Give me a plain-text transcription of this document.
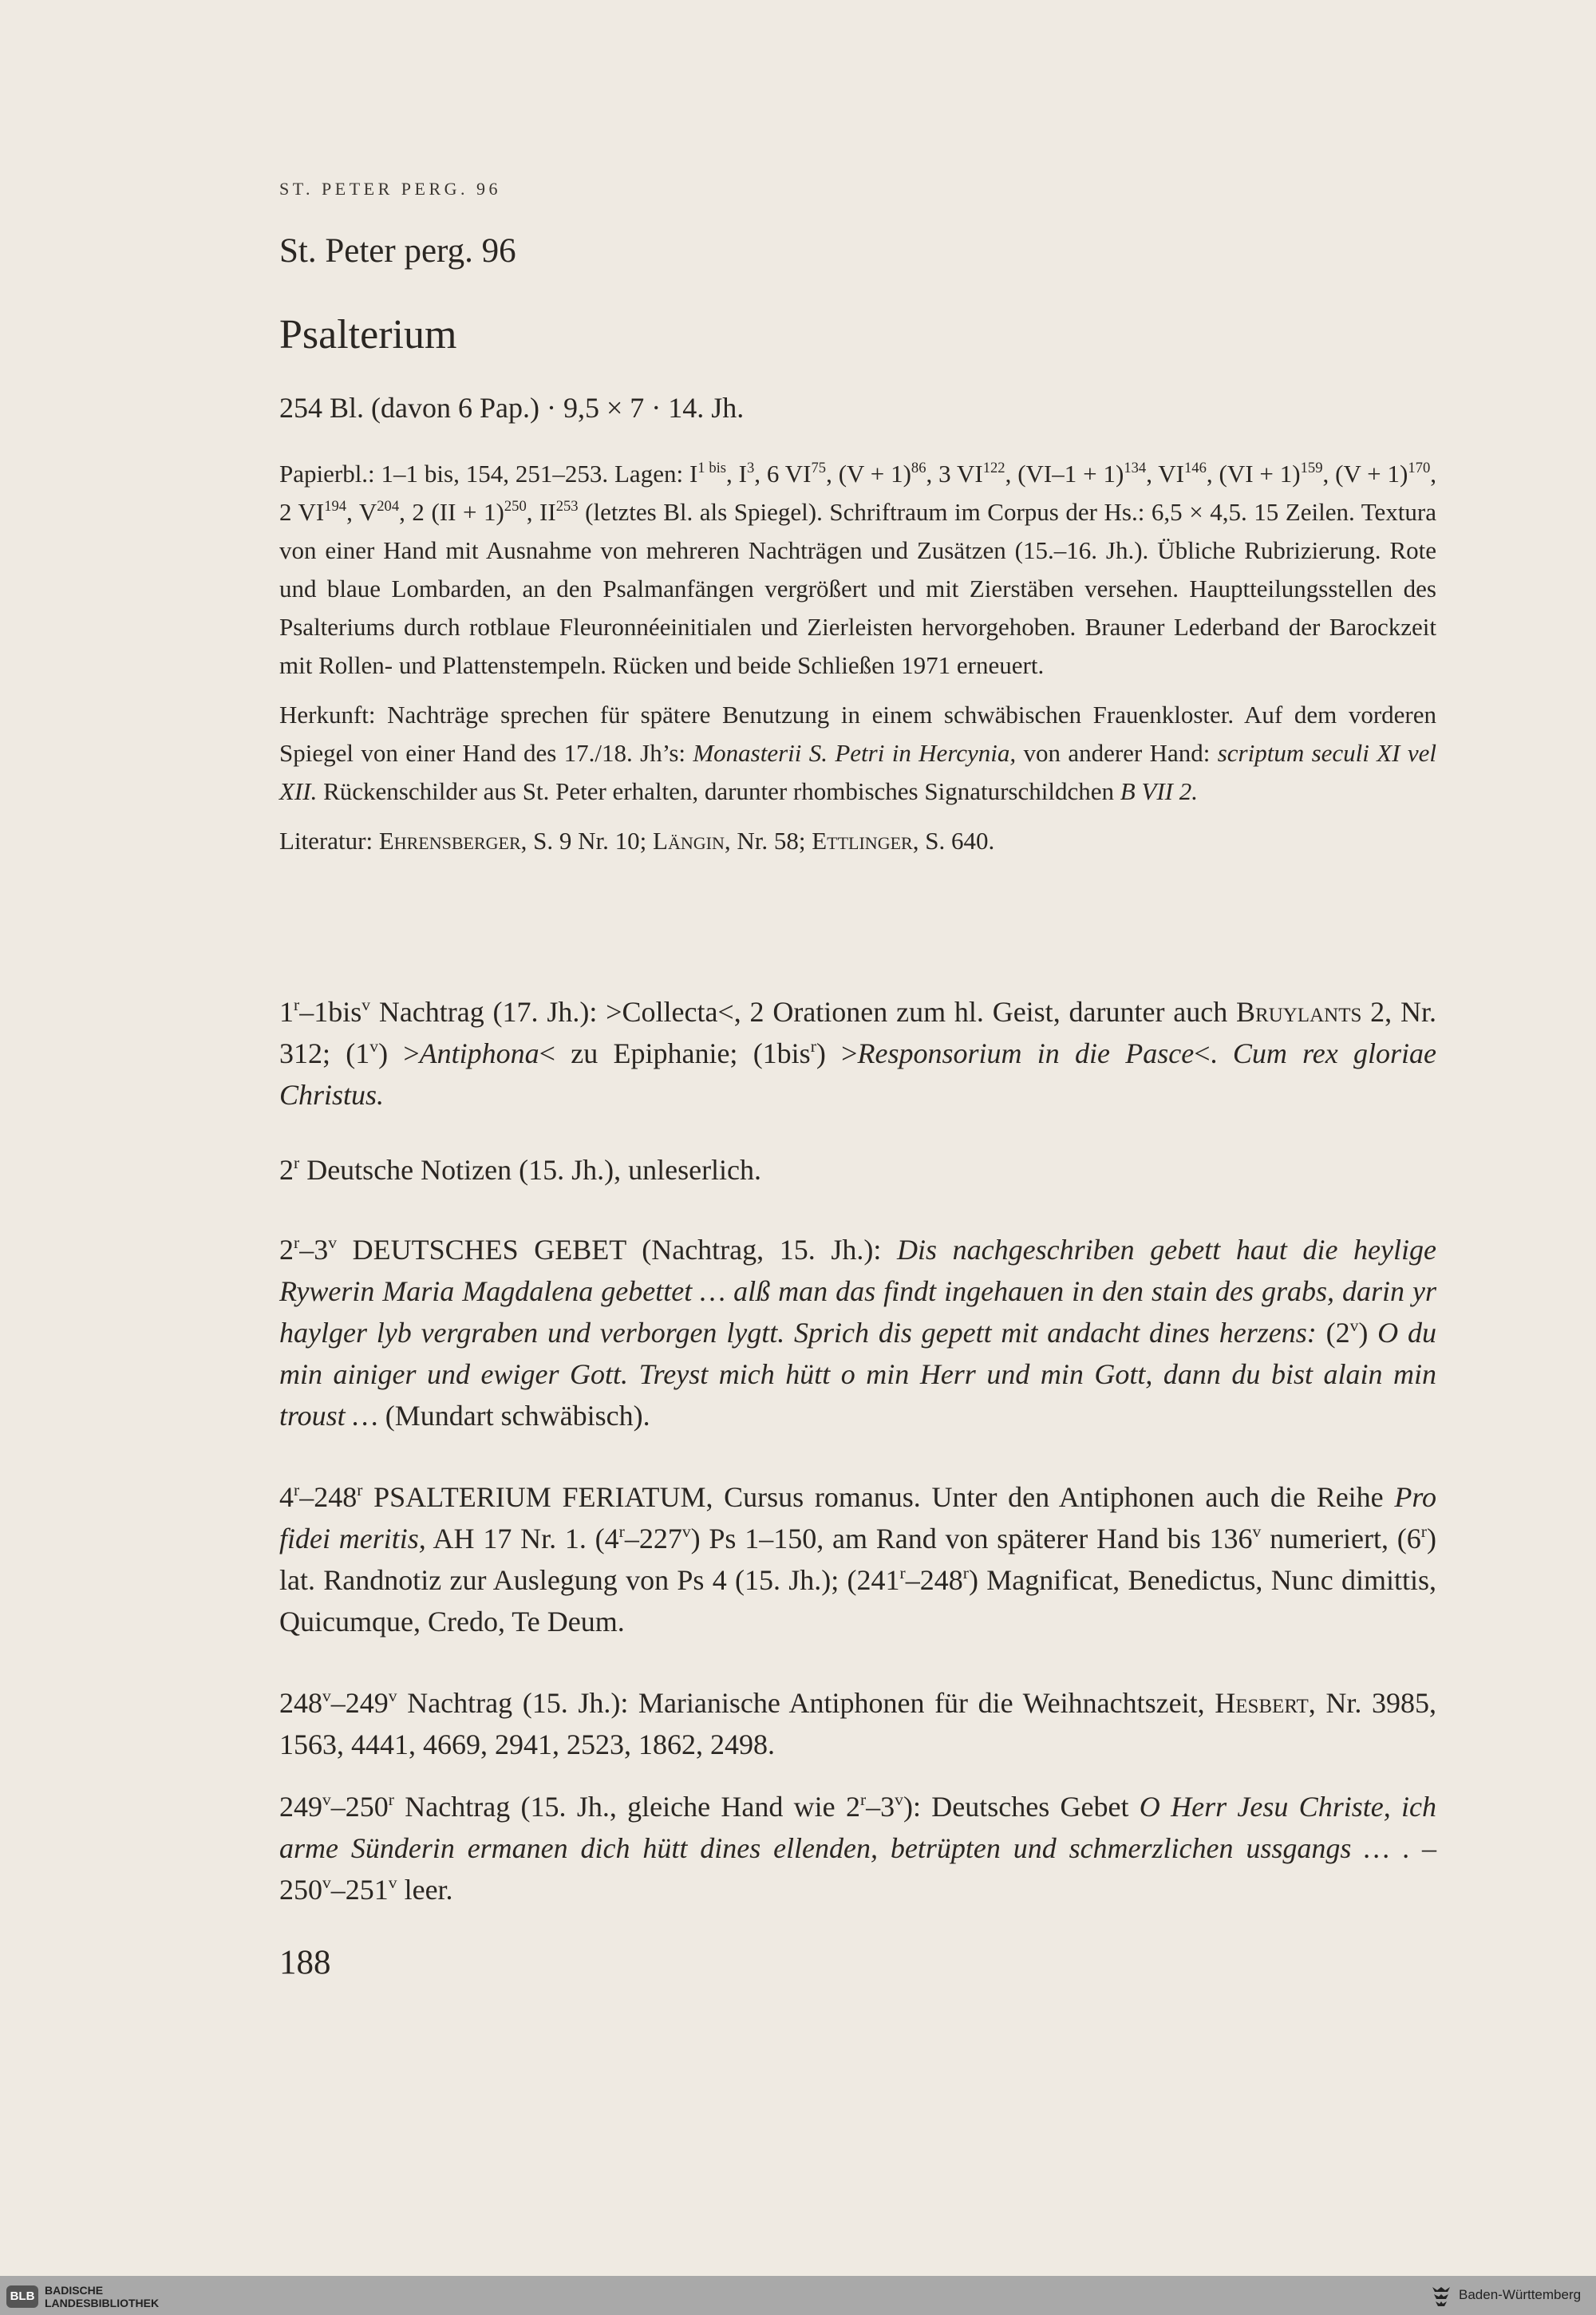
ST. PETER PERG. 96
St. Peter perg. 96
Psalterium
254 Bl. (davon 6 Pap.) · 9,5 × 7 · 14. Jh.

Papierbl.: 1–1 bis, 154, 251–253. Lagen: $I^{1 bis}$, $I^3$, 6 VI$^{75}$, $(V + 1)^{86}$, 3 VI$^{122}$, $(VI-1 + 1)^{134}$, VI$^{146}$, (VI + 1)$^{159}$, $(V + 1)^{170}$, 2 VI$^{194}$, $V^{204}$, 2 (II + 1)$^{250}$, II$^{253}$ (letztes Bl. als Spiegel). Schriftraum im Corpus der Hs.: 6,5 × 4,5. 15 Zeilen. Textura von einer Hand mit Ausnahme von mehreren Nachträgen und Zusätzen (15.–16. Jh.). Übliche Rubrizierung. Rote und blaue Lombarden, an den Psalmanfängen vergrößert und mit Zierstäben versehen. Hauptteilungsstellen des Psalteriums durch rotblaue Fleuronnéeinitialen und Zierleisten hervorgehoben. Brauner Lederband der Barockzeit mit Rollen- und Plattenstempeln. Rücken und beide Schließen 1971 erneuert.

Herkunft: Nachträge sprechen für spätere Benutzung in einem schwäbischen Frauenkloster. Auf dem vorderen Spiegel von einer Hand des 17./18. Jh’s: Monasterii S. Petri in Hercynia, von anderer Hand: scriptum seculi XI vel XII. Rückenschilder aus St. Peter erhalten, darunter rhombisches Signaturschildchen B VII 2.

Literatur: Ehrensberger, S. 9 Nr. 10; Längin, Nr. 58; Ettlinger, S. 640.

1$^r$–1bis$^v$ Nachtrag (17. Jh.): >Collecta<, 2 Orationen zum hl. Geist, darunter auch Bruylants 2, Nr. 312; $(1^v)$ >Antiphona< zu Epiphanie; (1bis$^r$) >Responsorium in die Pasce<. Cum rex gloriae Christus.

2$^r$ Deutsche Notizen (15. Jh.), unleserlich.

2$^r$–3$^v$ DEUTSCHES GEBET (Nachtrag, 15. Jh.): Dis nachgeschriben gebett haut die heylige Rywerin Maria Magdalena gebettet … alß man das findt ingehauen in den stain des grabs, darin yr haylger lyb vergraben und verborgen lygtt. Sprich dis gepett mit andacht dines herzens: (2$^v$) O du min ainiger und ewiger Gott. Treyst mich hütt o min Herr und min Gott, dann du bist alain min troust … (Mundart schwäbisch).

4$^r$–248$^r$ PSALTERIUM FERIATUM, Cursus romanus. Unter den Antiphonen auch die Reihe Pro fidei meritis, AH 17 Nr. 1. (4$^r$–227$^v$) Ps 1–150, am Rand von späterer Hand bis 136$^v$ numeriert, (6$^r$) lat. Randnotiz zur Auslegung von Ps 4 (15. Jh.); (241$^r$–248$^r$) Magnificat, Benedictus, Nunc dimittis, Quicumque, Credo, Te Deum.

248$^v$–249$^v$ Nachtrag (15. Jh.): Marianische Antiphonen für die Weihnachtszeit, Hesbert, Nr. 3985, 1563, 4441, 4669, 2941, 2523, 1862, 2498.

249$^v$–250$^r$ Nachtrag (15. Jh., gleiche Hand wie 2$^r$–3$^v$): Deutsches Gebet O Herr Jesu Christe, ich arme Sünderin ermanen dich hütt dines ellenden, betrüpten und schmerzlichen ussgangs … . – 250$^v$–251$^v$ leer.

188
BLB BADISCHE
LANDESBIBLIOTHEK
Baden-Württemberg
